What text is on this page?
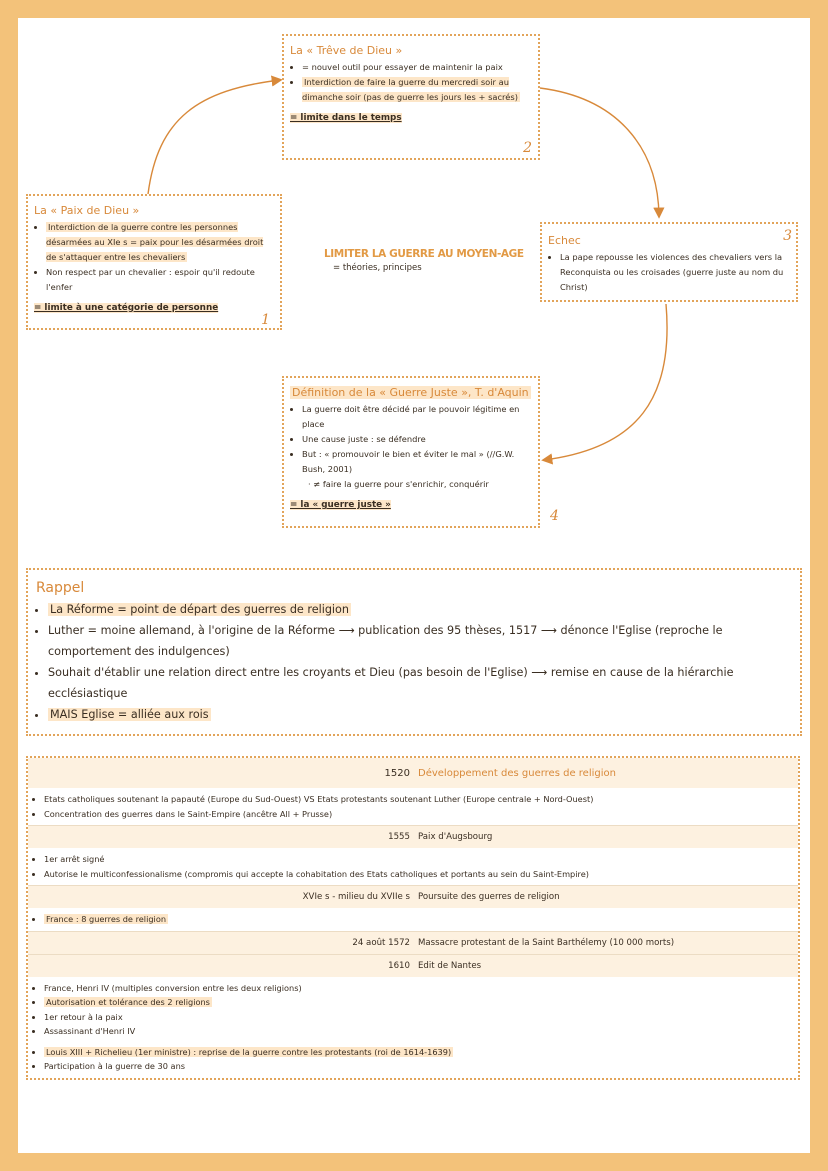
La « Trêve de Dieu »
• = nouvel outil pour essayer de maintenir la paix
• Interdiction de faire la guerre du mercredi soir au dimanche soir (pas de guerre les jours les + sacrés)
= limite dans le temps
2
La « Paix de Dieu »
• Interdiction de la guerre contre les personnes désarmées au XIe s = paix pour les désarmées droit de s'attaquer entre les chevaliers
• Non respect par un chevalier : espoir qu'il redoute l'enfer
= limite à une catégorie de personne
1
LIMITER LA GUERRE AU MOYEN-AGE
= théories, principes
Echec
• La pape repousse les violences des chevaliers vers la Reconquista ou les croisades (guerre juste au nom du Christ)
3
Définition de la « Guerre Juste », T. d'Aquin
• La guerre doit être décidé par le pouvoir légitime en place
• Une cause juste : se défendre
• But : « promouvoir le bien et éviter le mal » (//G.W. Bush, 2001)
· ≠ faire la guerre pour s'enrichir, conquérir
= la « guerre juste »
4
Rappel
• La Réforme = point de départ des guerres de religion
• Luther = moine allemand, à l'origine de la Réforme ⟶ publication des 95 thèses, 1517 ⟶ dénonce l'Eglise (reproche le comportement des indulgences)
• Souhait d'établir une relation direct entre les croyants et Dieu (pas besoin de l'Eglise) ⟶ remise en cause de la hiérarchie ecclésiastique
• MAIS Eglise = alliée aux rois
1520 Développement des guerres de religion
• Etats catholiques soutenant la papauté (Europe du Sud-Ouest) VS Etats protestants soutenant Luther (Europe centrale + Nord-Ouest)
• Concentration des guerres dans le Saint-Empire (ancêtre All + Prusse)
1555 Paix d'Augsbourg
• 1er arrêt signé
• Autorise le multiconfessionalisme (compromis qui accepte la cohabitation des Etats catholiques et portants au sein du Saint-Empire)
XVIe s - milieu du XVIIe s Poursuite des guerres de religion
• France : 8 guerres de religion
24 août 1572 Massacre protestant de la Saint Barthélemy (10 000 morts)
1610 Edit de Nantes
• France, Henri IV (multiples conversion entre les deux religions)
• Autorisation et tolérance des 2 religions
• 1er retour à la paix
• Assassinant d'Henri IV
• Louis XIII + Richelieu (1er ministre) : reprise de la guerre contre les protestants (roi de 1614-1639)
• Participation à la guerre de 30 ans
